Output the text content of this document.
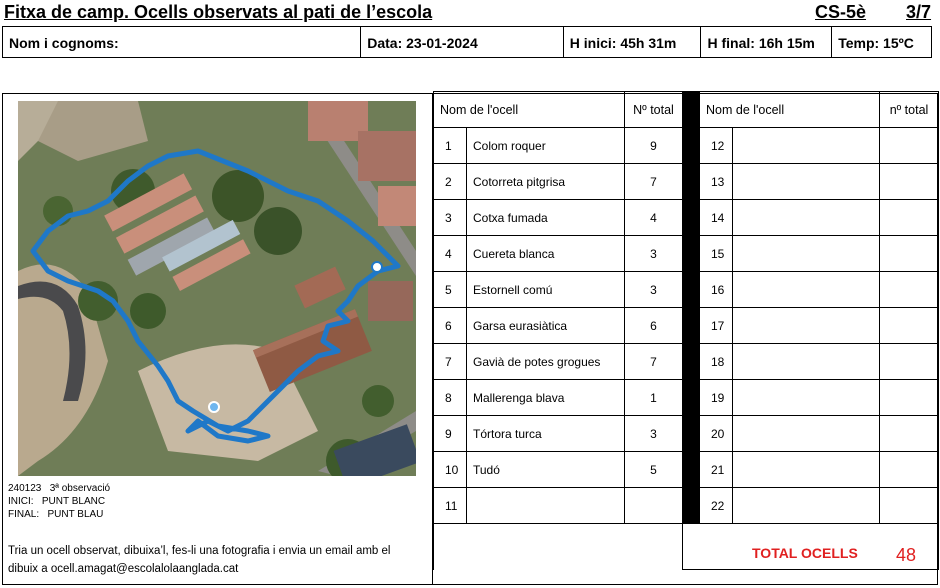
Fitxa de camp. Ocells observats al pati de l’escola	CS-5è 3/7
Nom i cognoms:	Data: 23-01-2024	H inici: 45h 31m	H final: 16h 15m	Temp: 15ºC
240123   3ª observació
INICI:   PUNT BLANC
FINAL:   PUNT BLAU
Tria un ocell observat, dibuixa’l, fes-li una fotografia i envia un email amb el dibuix a ocell.amagat@escolalolaanglada.cat
Nom de l'ocell		Nº total		Nom de l'ocell		nº total
1	Colom roquer	9		12		
2	Cotorreta pitgrisa	7		13		
3	Cotxa fumada	4		14		
4	Cuereta blanca	3		15		
5	Estornell comú	3		16		
6	Garsa eurasiàtica	6		17		
7	Gavià de potes grogues	7		18		
8	Mallerenga blava	1		19		
9	Tórtora turca	3		20		
10	Tudó	5		21		
11				22		

TOTAL OCELLS 48
